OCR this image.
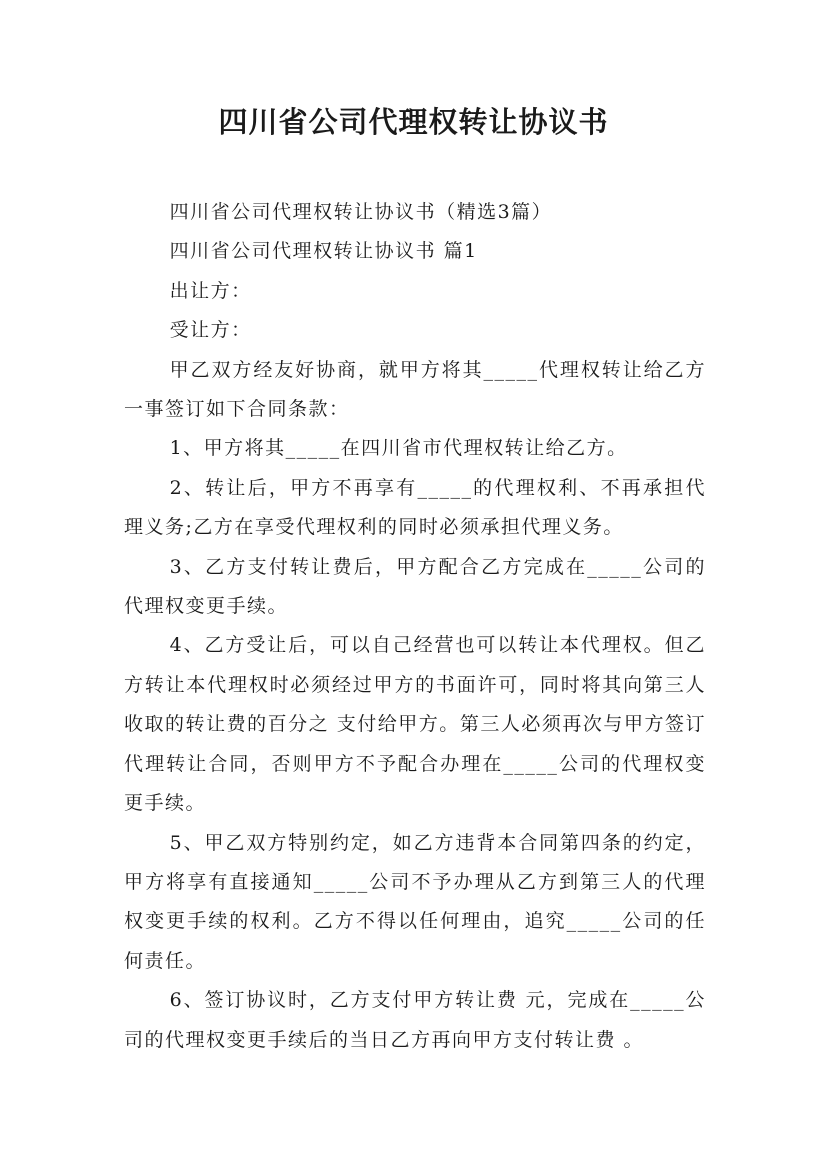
四川省公司代理权转让协议书

四川省公司代理权转让协议书（精选3篇）

四川省公司代理权转让协议书 篇1

出让方：

受让方：

甲乙双方经友好协商，就甲方将其_____代理权转让给乙方一事签订如下合同条款：

1、甲方将其_____在四川省市代理权转让给乙方。

2、转让后，甲方不再享有_____的代理权利、不再承担代理义务;乙方在享受代理权利的同时必须承担代理义务。

3、乙方支付转让费后，甲方配合乙方完成在_____公司的代理权变更手续。

4、乙方受让后，可以自己经营也可以转让本代理权。但乙方转让本代理权时必须经过甲方的书面许可，同时将其向第三人收取的转让费的百分之 支付给甲方。第三人必须再次与甲方签订代理转让合同，否则甲方不予配合办理在_____公司的代理权变更手续。

5、甲乙双方特别约定，如乙方违背本合同第四条的约定，甲方将享有直接通知_____公司不予办理从乙方到第三人的代理权变更手续的权利。乙方不得以任何理由，追究_____公司的任何责任。

6、签订协议时，乙方支付甲方转让费 元，完成在_____公司的代理权变更手续后的当日乙方再向甲方支付转让费 。
